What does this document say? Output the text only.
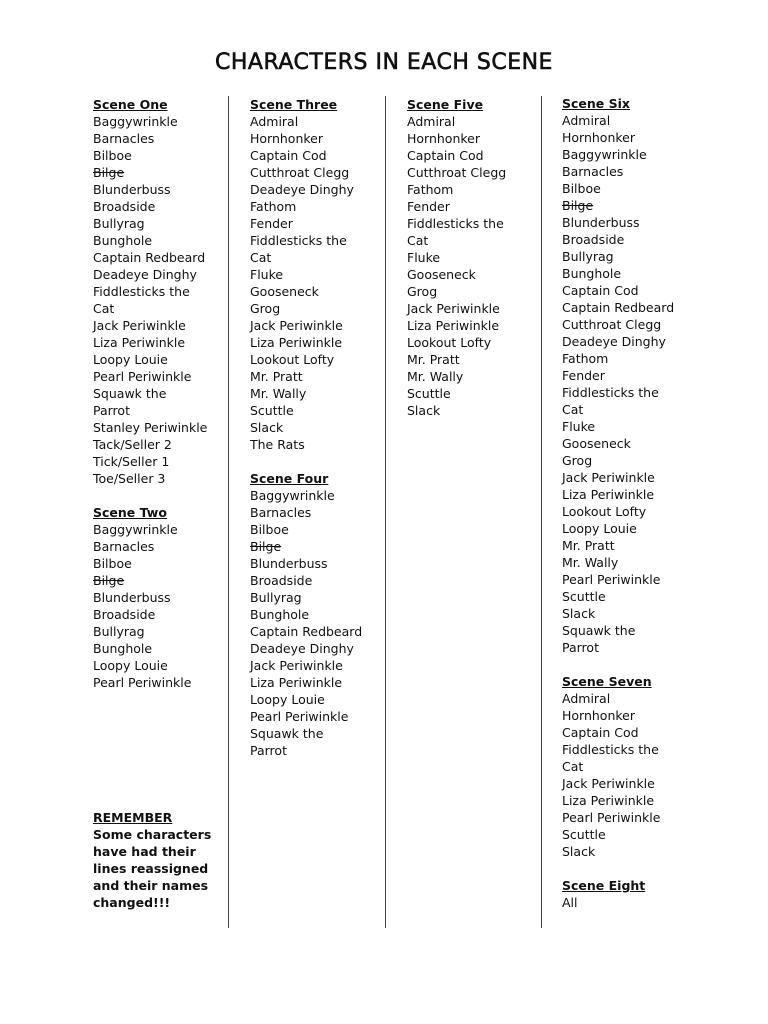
CHARACTERS IN EACH SCENE
Scene One
Baggywrinkle
Barnacles
Bilboe
Bilge
Blunderbuss
Broadside
Bullyrag
Bunghole
Captain Redbeard
Deadeye Dinghy
Fiddlesticks the
Cat
Jack Periwinkle
Liza Periwinkle
Loopy Louie
Pearl Periwinkle
Squawk the
Parrot
Stanley Periwinkle
Tack/Seller 2
Tick/Seller 1
Toe/Seller 3
Scene Two
Baggywrinkle
Barnacles
Bilboe
Bilge
Blunderbuss
Broadside
Bullyrag
Bunghole
Loopy Louie
Pearl Periwinkle
Scene Three
Admiral
Hornhonker
Captain Cod
Cutthroat Clegg
Deadeye Dinghy
Fathom
Fender
Fiddlesticks the
Cat
Fluke
Gooseneck
Grog
Jack Periwinkle
Liza Periwinkle
Lookout Lofty
Mr. Pratt
Mr. Wally
Scuttle
Slack
The Rats
Scene Four
Baggywrinkle
Barnacles
Bilboe
Bilge
Blunderbuss
Broadside
Bullyrag
Bunghole
Captain Redbeard
Deadeye Dinghy
Jack Periwinkle
Liza Periwinkle
Loopy Louie
Pearl Periwinkle
Squawk the
Parrot
Scene Five
Admiral
Hornhonker
Captain Cod
Cutthroat Clegg
Fathom
Fender
Fiddlesticks the
Cat
Fluke
Gooseneck
Grog
Jack Periwinkle
Liza Periwinkle
Lookout Lofty
Mr. Pratt
Mr. Wally
Scuttle
Slack
Scene Six
Admiral
Hornhonker
Baggywrinkle
Barnacles
Bilboe
Bilge
Blunderbuss
Broadside
Bullyrag
Bunghole
Captain Cod
Captain Redbeard
Cutthroat Clegg
Deadeye Dinghy
Fathom
Fender
Fiddlesticks the
Cat
Fluke
Gooseneck
Grog
Jack Periwinkle
Liza Periwinkle
Lookout Lofty
Loopy Louie
Mr. Pratt
Mr. Wally
Pearl Periwinkle
Scuttle
Slack
Squawk the
Parrot
Scene Seven
Admiral
Hornhonker
Captain Cod
Fiddlesticks the
Cat
Jack Periwinkle
Liza Periwinkle
Pearl Periwinkle
Scuttle
Slack
Scene Eight
All
REMEMBER
Some characters
have had their
lines reassigned
and their names
changed!!!
